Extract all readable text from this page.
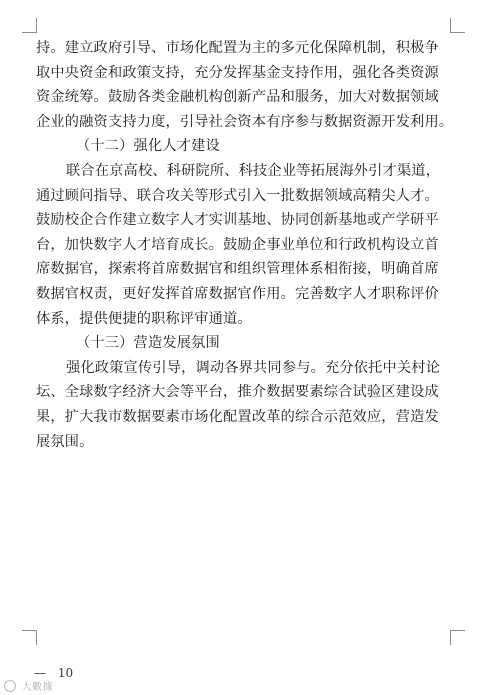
持。建立政府引导、市场化配置为主的多元化保障机制，积极争

取中央资金和政策支持，充分发挥基金支持作用，强化各类资源

资金统筹。鼓励各类金融机构创新产品和服务，加大对数据领域

企业的融资支持力度，引导社会资本有序参与数据资源开发利用。

（十二）强化人才建设

联合在京高校、科研院所、科技企业等拓展海外引才渠道，

通过顾问指导、联合攻关等形式引入一批数据领域高精尖人才。

鼓励校企合作建立数字人才实训基地、协同创新基地或产学研平

台，加快数字人才培育成长。鼓励企事业单位和行政机构设立首

席数据官，探索将首席数据官和组织管理体系相衔接，明确首席

数据官权责，更好发挥首席数据官作用。完善数字人才职称评价

体系，提供便捷的职称评审通道。

（十三）营造发展氛围

强化政策宣传引导，调动各界共同参与。充分依托中关村论

坛、全球数字经济大会等平台，推介数据要素综合试验区建设成

果，扩大我市数据要素市场化配置改革的综合示范效应，营造发

展氛围。

— 10
大數據
